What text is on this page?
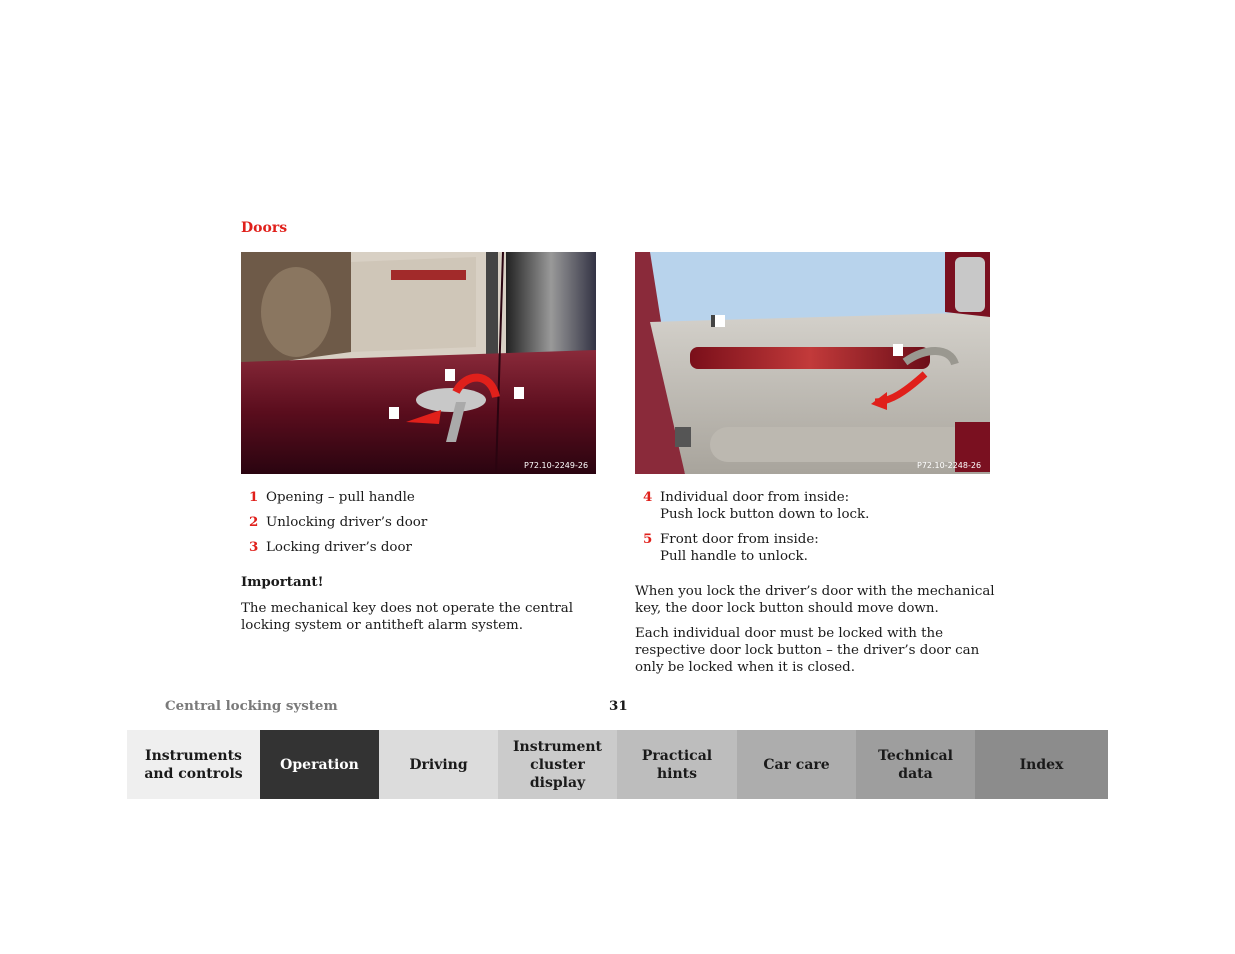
Doors
P72.10-2249-26	P72.10-2248-26
1 Opening – pull handle
2 Unlocking driver’s door
3 Locking driver’s door
4 Individual door from inside:
Push lock button down to lock.
5 Front door from inside:
Pull handle to unlock.
Important!
The mechanical key does not operate the central locking system or antitheft alarm system.
When you lock the driver’s door with the mechanical key, the door lock button should move down.
Each individual door must be locked with the respective door lock button – the driver’s door can only be locked when it is closed.
Central locking system	31
Instruments
and controls
Operation	Driving
Instrument
cluster display
Practical hints
Car care
Technical
data
Index
